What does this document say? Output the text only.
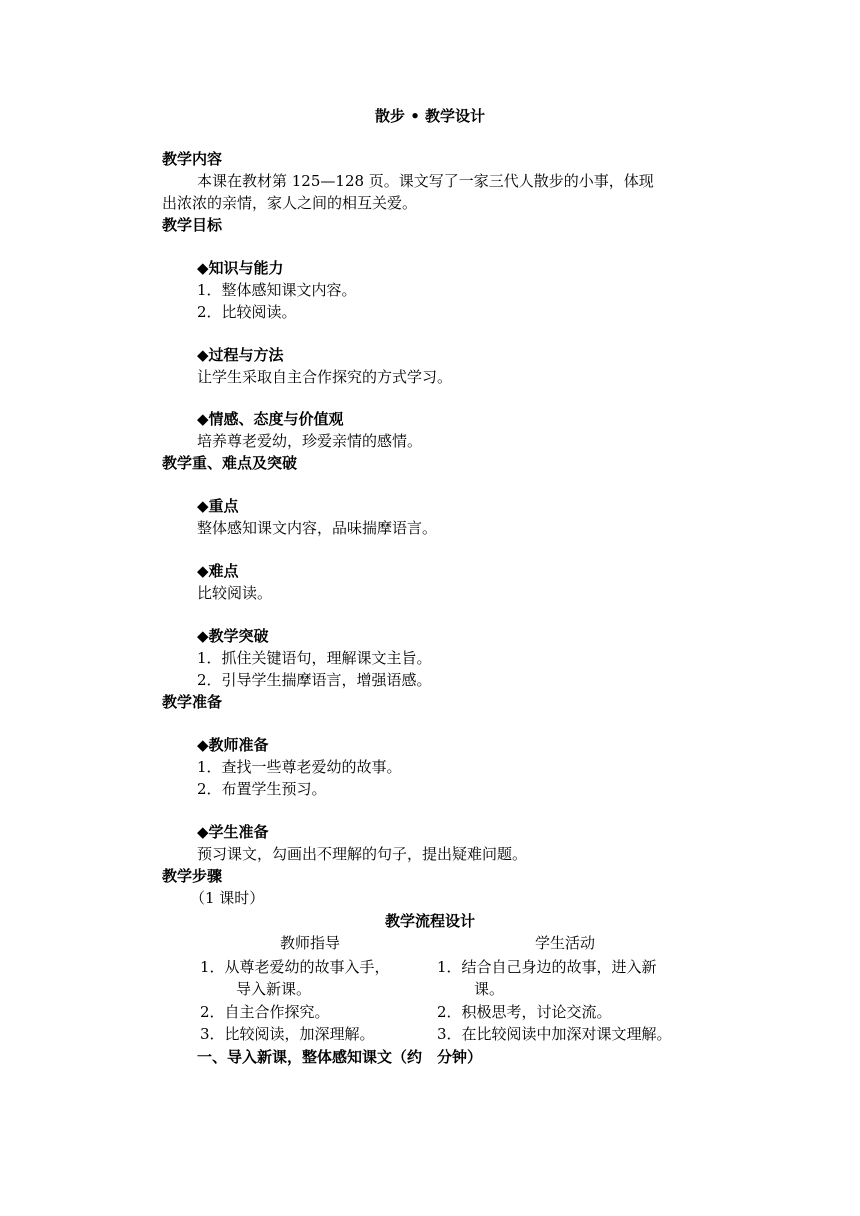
散步 • 教学设计
教学内容
本课在教材第 125—128 页。课文写了一家三代人散步的小事，体现
出浓浓的亲情，家人之间的相互关爱。
教学目标
◆知识与能力
1．整体感知课文内容。
2．比较阅读。
◆过程与方法
让学生采取自主合作探究的方式学习。
◆情感、态度与价值观
培养尊老爱幼，珍爱亲情的感情。
教学重、难点及突破
◆重点
整体感知课文内容，品味揣摩语言。
◆难点
比较阅读。
◆教学突破
1．抓住关键语句，理解课文主旨。
2．引导学生揣摩语言，增强语感。
教学准备
◆教师准备
1．查找一些尊老爱幼的故事。
2．布置学生预习。
◆学生准备
预习课文，勾画出不理解的句子，提出疑难问题。
教学步骤
（1 课时）
教学流程设计
教师指导	学生活动
1．从尊老爱幼的故事入手，
导入新课。
2．自主合作探究。
3．比较阅读，加深理解。
1．结合自己身边的故事，进入新
课。
2．积极思考，讨论交流。
3．在比较阅读中加深对课文理解。
一、导入新课，整体感知课文（约　分钟）
